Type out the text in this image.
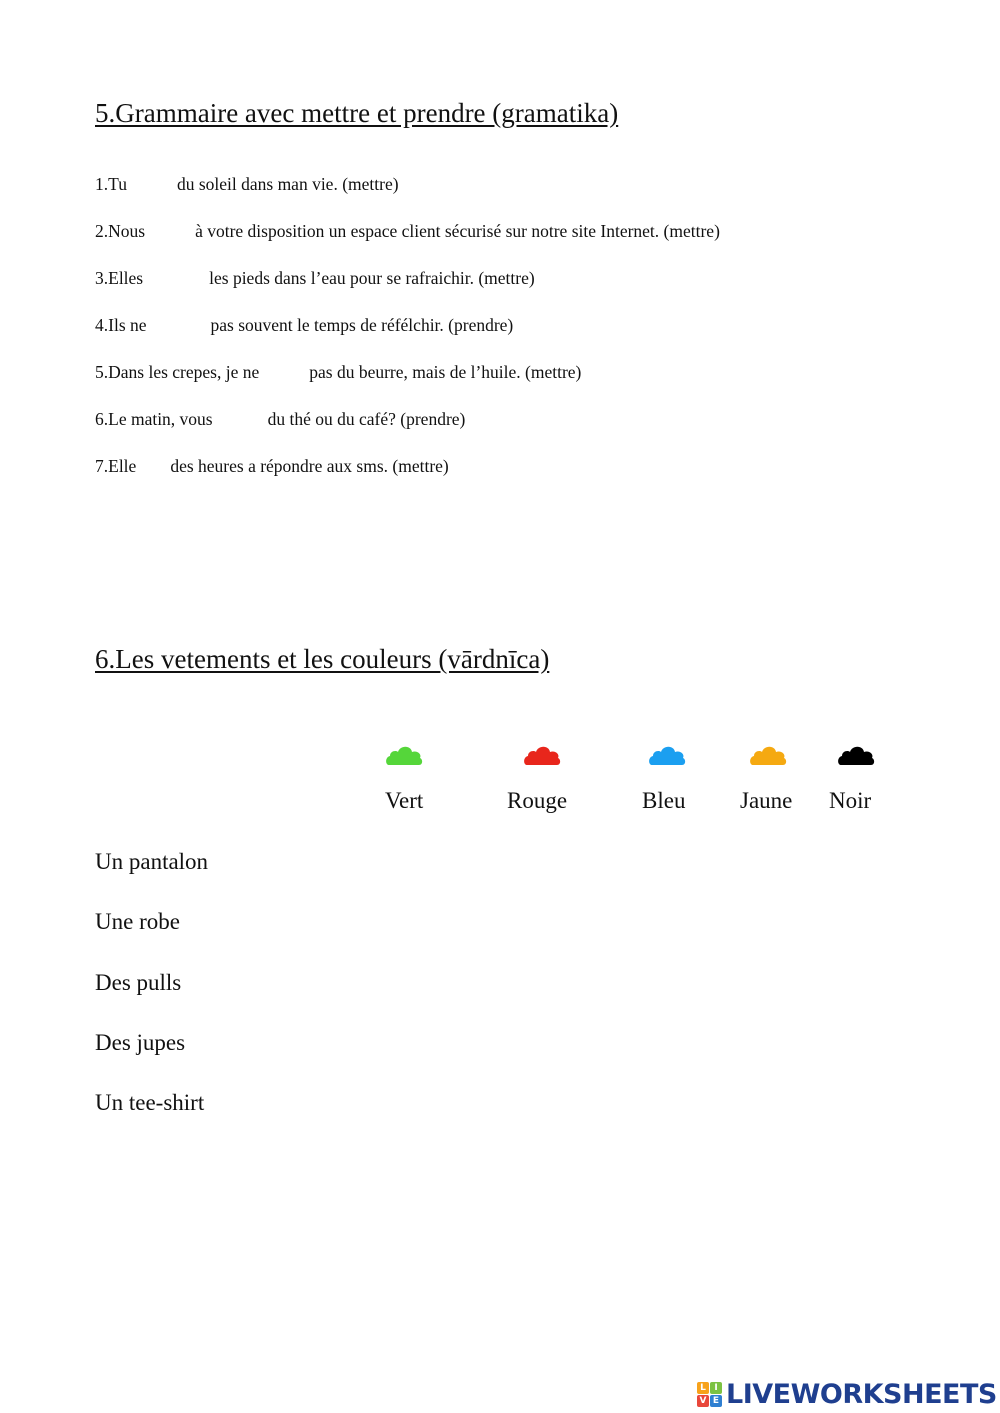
5.Grammaire avec mettre et prendre (gramatika)
1.Tu	du soleil dans man vie. (mettre)
2.Nous	à votre disposition un espace client sécurisé sur notre site Internet. (mettre)
3.Elles	les pieds dans l’eau pour se rafraichir. (mettre)
4.Ils ne	pas souvent le temps de réfélchir. (prendre)
5.Dans les crepes, je ne	pas du beurre, mais de l’huile. (mettre)
6.Le matin, vous	du thé ou du café? (prendre)
7.Elle des heures a répondre aux sms. (mettre)
6.Les vetements et les couleurs (vārdnīca)
Vert	Rouge	Bleu Jaune Noir
Un pantalon
Une robe
Des pulls
Des jupes
Un tee-shirt
L I
V E LIVEWORKSHEETS
